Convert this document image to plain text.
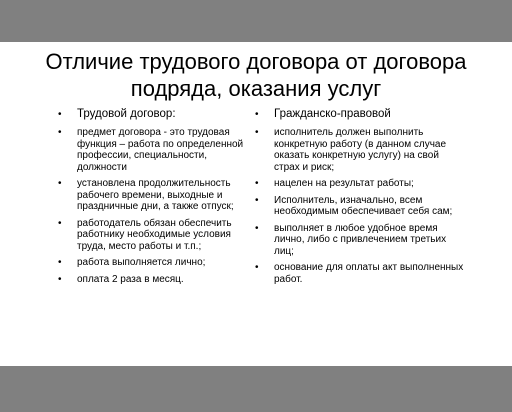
Отличие трудового договора от договора подряда, оказания услуг
• Трудовой договор:
• предмет договора - это трудовая функция – работа по определенной профессии, специальности, должности
• установлена продолжительность рабочего времени, выходные и праздничные дни, а также отпуск;
• работодатель обязан обеспечить работнику необходимые условия труда, место работы и т.п.;
• работа выполняется лично;
• оплата 2 раза в месяц.
• Гражданско-правовой
• исполнитель должен выполнить конкретную работу (в данном случае оказать конкретную услугу) на свой страх и риск;
• нацелен на результат работы;
• Исполнитель, изначально, всем необходимым обеспечивает себя сам;
• выполняет в любое удобное время лично, либо с привлечением третьих лиц;
• основание для оплаты акт выполненных работ.
